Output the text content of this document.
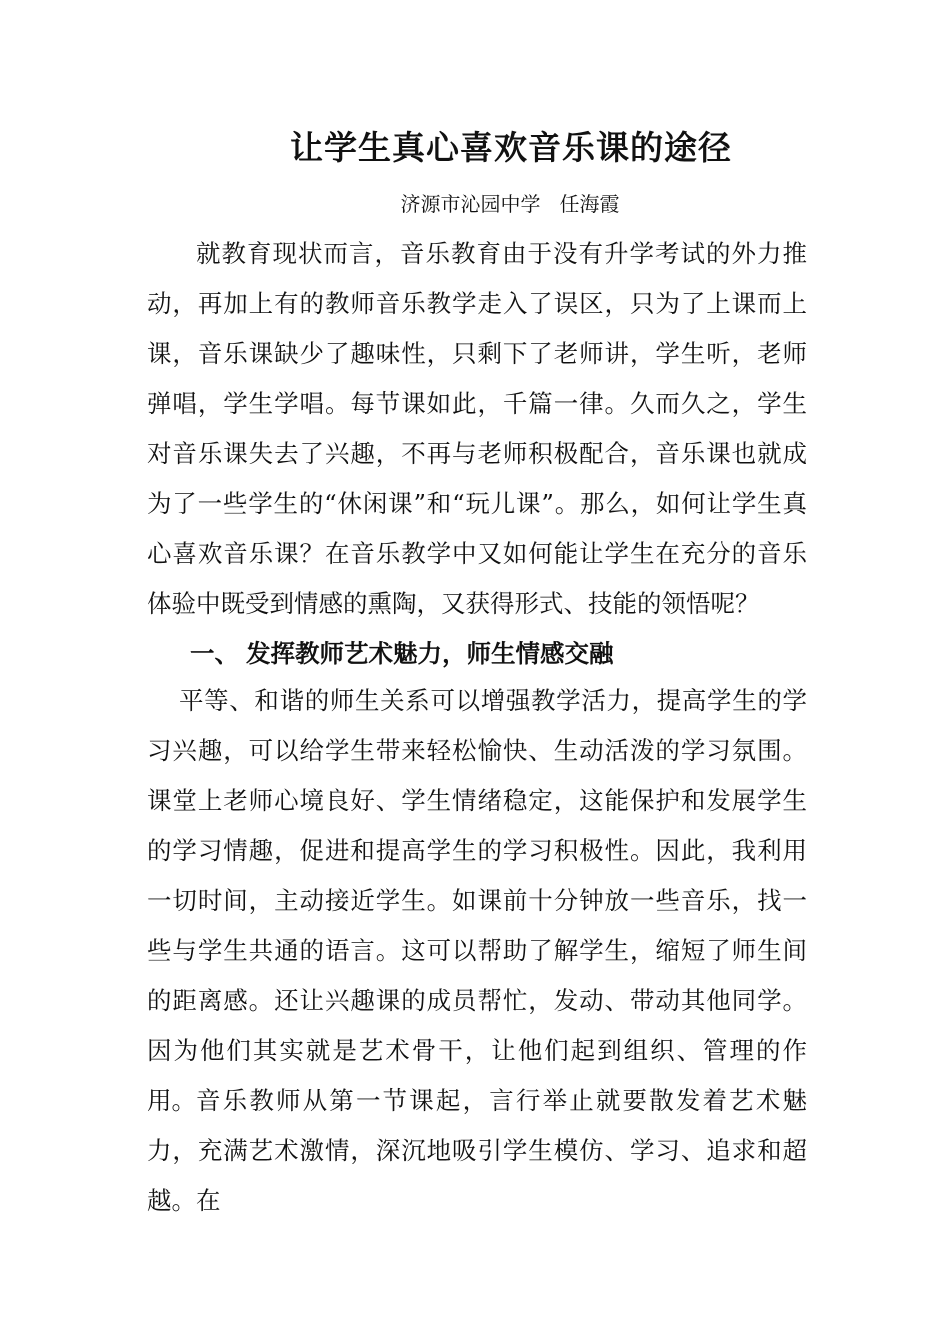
让学生真心喜欢音乐课的途径
济源市沁园中学   任海霞

就教育现状而言，音乐教育由于没有升学考试的外力推动，再加上有的教师音乐教学走入了误区，只为了上课而上课，音乐课缺少了趣味性，只剩下了老师讲，学生听，老师弹唱，学生学唱。每节课如此，千篇一律。久而久之，学生对音乐课失去了兴趣，不再与老师积极配合，音乐课也就成为了一些学生的“休闲课”和“玩儿课”。那么，如何让学生真心喜欢音乐课？在音乐教学中又如何能让学生在充分的音乐体验中既受到情感的熏陶，又获得形式、技能的领悟呢？

一、 发挥教师艺术魅力，师生情感交融

平等、和谐的师生关系可以增强教学活力，提高学生的学习兴趣，可以给学生带来轻松愉快、生动活泼的学习氛围。课堂上老师心境良好、学生情绪稳定，这能保护和发展学生的学习情趣，促进和提高学生的学习积极性。因此，我利用一切时间，主动接近学生。如课前十分钟放一些音乐，找一些与学生共通的语言。这可以帮助了解学生，缩短了师生间的距离感。还让兴趣课的成员帮忙，发动、带动其他同学。因为他们其实就是艺术骨干，让他们起到组织、管理的作用。 音乐教师从第一节课起，言行举止就要散发着艺术魅力，充满艺术激情，深沉地吸引学生模仿、学习、追求和超越。在
